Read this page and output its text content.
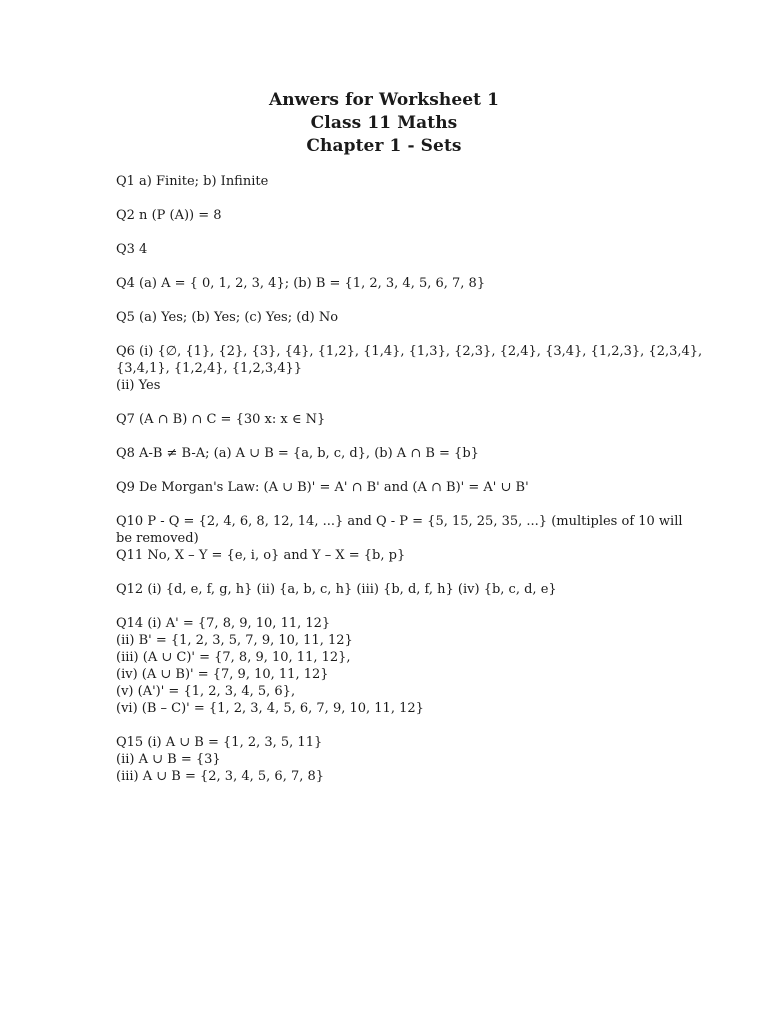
Anwers for Worksheet 1
Class 11 Maths
Chapter 1 - Sets
Q1 a) Finite; b) Infinite
Q2 n (P (A)) = 8
Q3 4
Q4 (a) A = { 0, 1, 2, 3, 4}; (b) B = {1, 2, 3, 4, 5, 6, 7, 8}
Q5 (a) Yes; (b) Yes; (c) Yes; (d) No
Q6 (i) {∅, {1}, {2}, {3}, {4}, {1,2}, {1,4}, {1,3}, {2,3}, {2,4}, {3,4}, {1,2,3}, {2,3,4},
{3,4,1}, {1,2,4}, {1,2,3,4}}
(ii) Yes
Q7 (A ∩ B) ∩ C = {30 x: x ∈ N}
Q8 A-B ≠ B-A; (a) A ∪ B = {a, b, c, d}, (b) A ∩ B = {b}
Q9 De Morgan's Law: (A ∪ B)' = A' ∩ B' and (A ∩ B)' = A' ∪ B'
Q10 P - Q = {2, 4, 6, 8, 12, 14, ...} and Q - P = {5, 15, 25, 35, ...} (multiples of 10 will
be removed)
Q11 No, X – Y = {e, i, o} and Y – X = {b, p}
Q12 (i) {d, e, f, g, h} (ii) {a, b, c, h} (iii) {b, d, f, h} (iv) {b, c, d, e}
Q14 (i) A' = {7, 8, 9, 10, 11, 12}
(ii) B' = {1, 2, 3, 5, 7, 9, 10, 11, 12}
(iii) (A ∪ C)' = {7, 8, 9, 10, 11, 12},
(iv) (A ∪ B)' = {7, 9, 10, 11, 12}
(v) (A')' = {1, 2, 3, 4, 5, 6},
(vi) (B – C)' = {1, 2, 3, 4, 5, 6, 7, 9, 10, 11, 12}
Q15 (i) A ∪ B = {1, 2, 3, 5, 11}
(ii) A ∪ B = {3}
(iii) A ∪ B = {2, 3, 4, 5, 6, 7, 8}
